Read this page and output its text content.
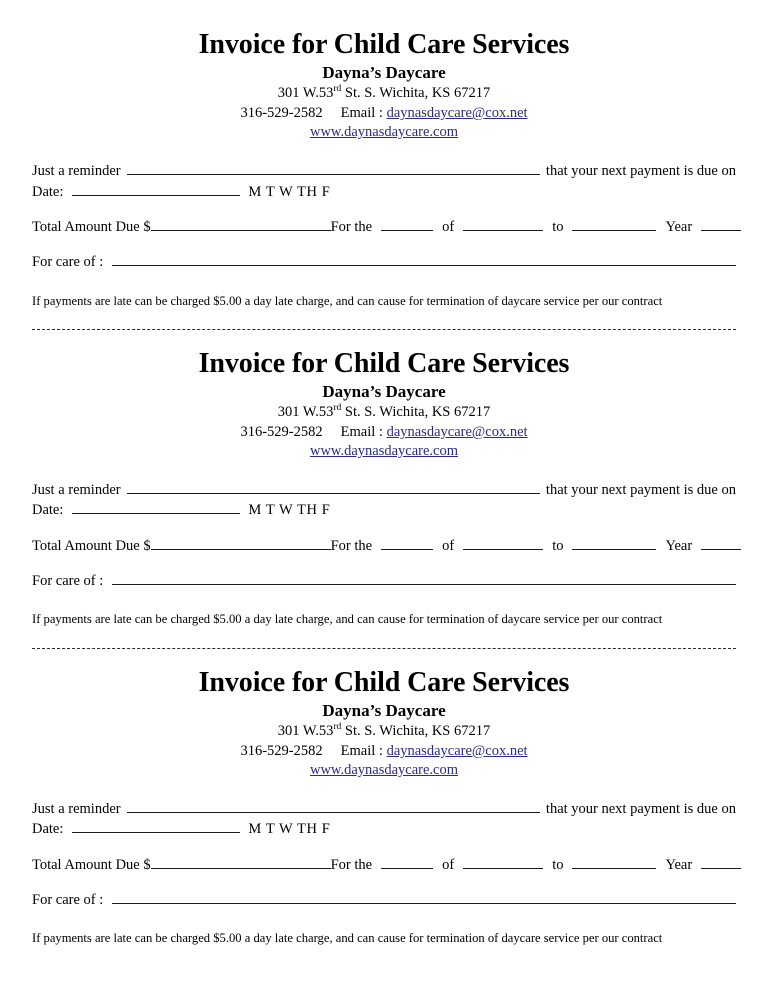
Invoice for Child Care Services
Dayna’s Daycare
301 W.53rd St. S. Wichita, KS 67217
316-529-2582 Email : daynasdaycare@cox.net
www.daynasdaycare.com
Just a reminder	that your next payment is due on
Date:	M T W TH F
Total Amount Due $	For the	of	to	Year
For care of :
If payments are late can be charged $5.00 a day late charge, and can cause for termination of daycare service per our contract
Invoice for Child Care Services
Dayna’s Daycare
301 W.53rd St. S. Wichita, KS 67217
316-529-2582 Email : daynasdaycare@cox.net
www.daynasdaycare.com
Just a reminder	that your next payment is due on
Date:	M T W TH F
Total Amount Due $	For the	of	to	Year
For care of :
If payments are late can be charged $5.00 a day late charge, and can cause for termination of daycare service per our contract
Invoice for Child Care Services
Dayna’s Daycare
301 W.53rd St. S. Wichita, KS 67217
316-529-2582 Email : daynasdaycare@cox.net
www.daynasdaycare.com
Just a reminder	that your next payment is due on
Date:	M T W TH F
Total Amount Due $	For the	of	to	Year
For care of :
If payments are late can be charged $5.00 a day late charge, and can cause for termination of daycare service per our contract
